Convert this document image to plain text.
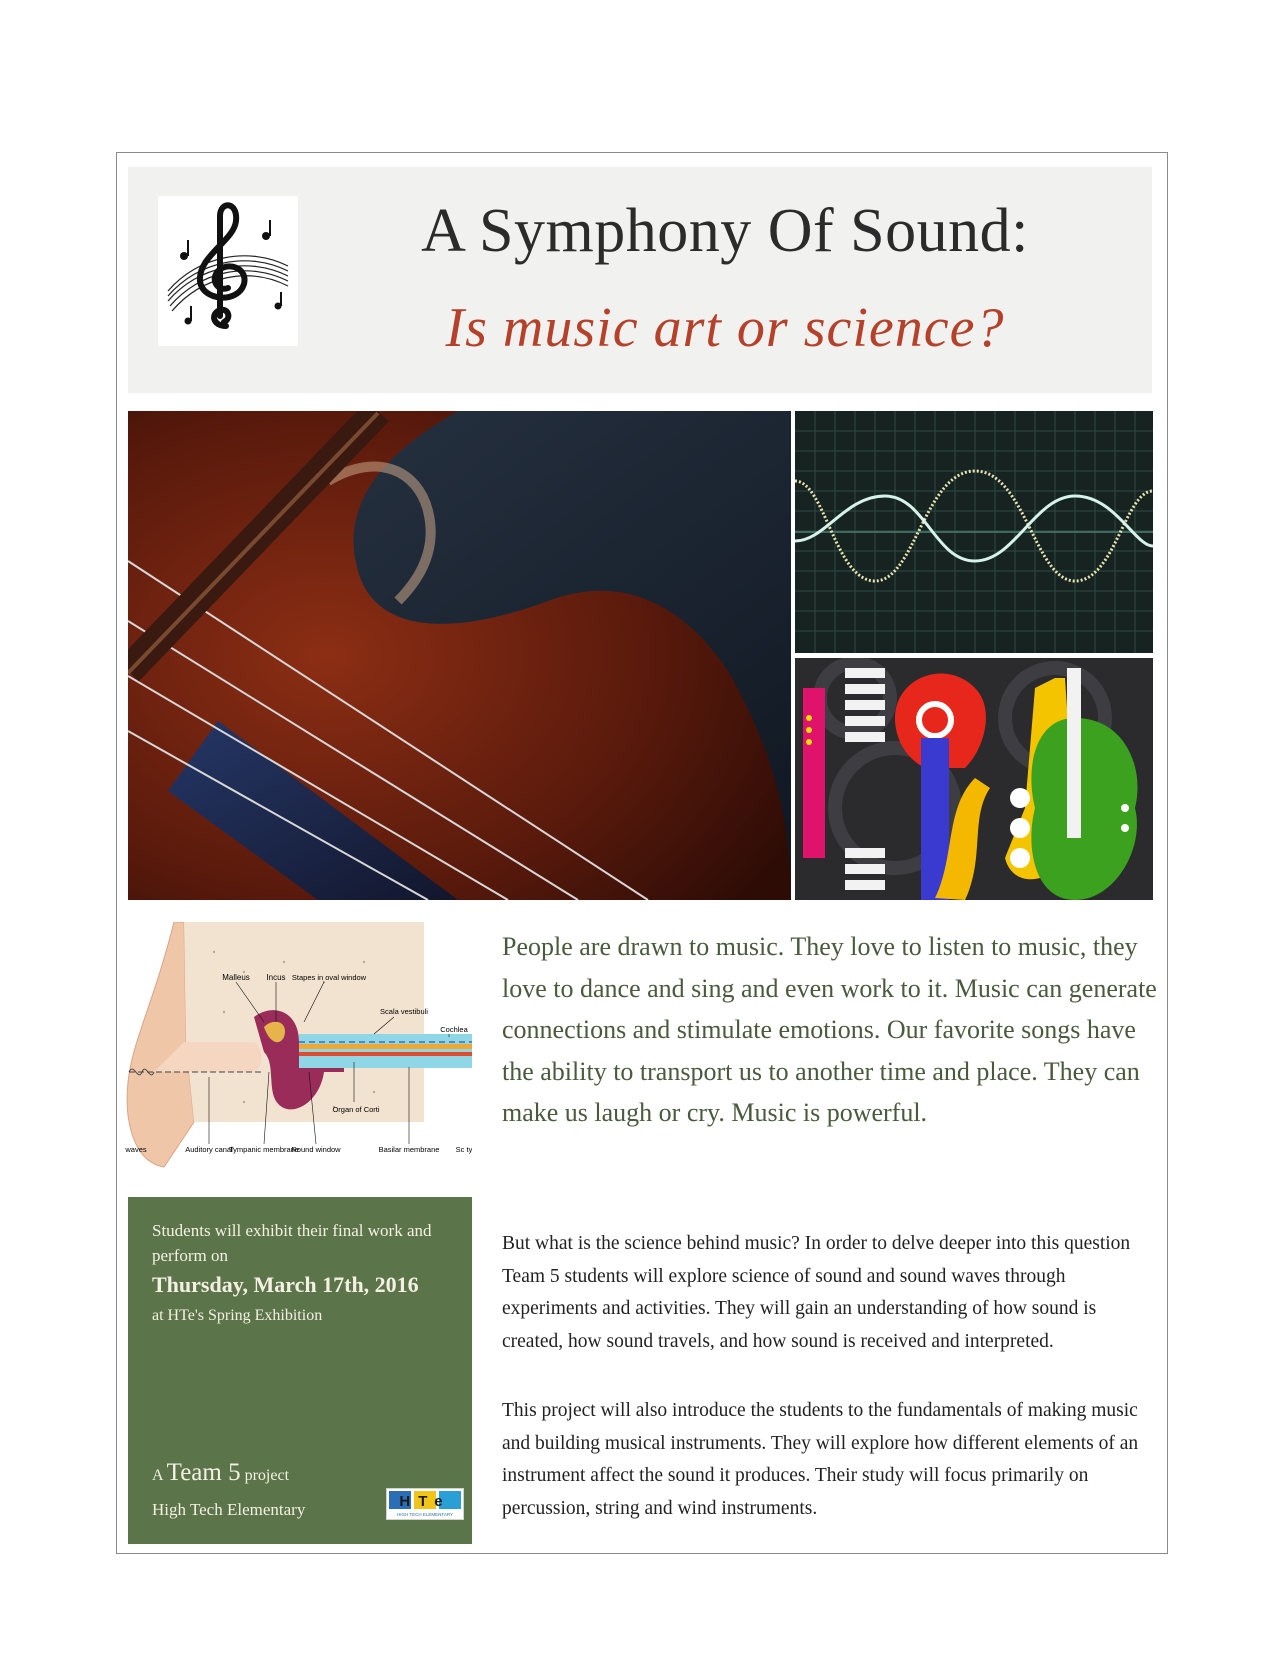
A Symphony Of Sound:
Is music art or science?
Malleus Incus Stapes in oval window
Scala vestibuli
Cochlea
Organ of Corti
waves	Auditory canal
Tympanic membrane
Round window	Basilar membrane Sc ty
Students will exhibit their final work and perform on
Thursday, March 17th, 2016
at HTe's Spring Exhibition
A Team 5 project
High Tech Elementary	HTe
HIGH TECH ELEMENTARY
People are drawn to music. They love to listen to music, they love to dance and sing and even work to it. Music can generate connections and stimulate emotions. Our favorite songs have the ability to transport us to another time and place. They can make us laugh or cry. Music is powerful.
But what is the science behind music? In order to delve deeper into this question Team 5 students will explore science of sound and sound waves through experiments and activities. They will gain an understanding of how sound is created, how sound travels, and how sound is received and interpreted.
This project will also introduce the students to the fundamentals of making music and building musical instruments. They will explore how different elements of an instrument affect the sound it produces. Their study will focus primarily on percussion, string and wind instruments.
